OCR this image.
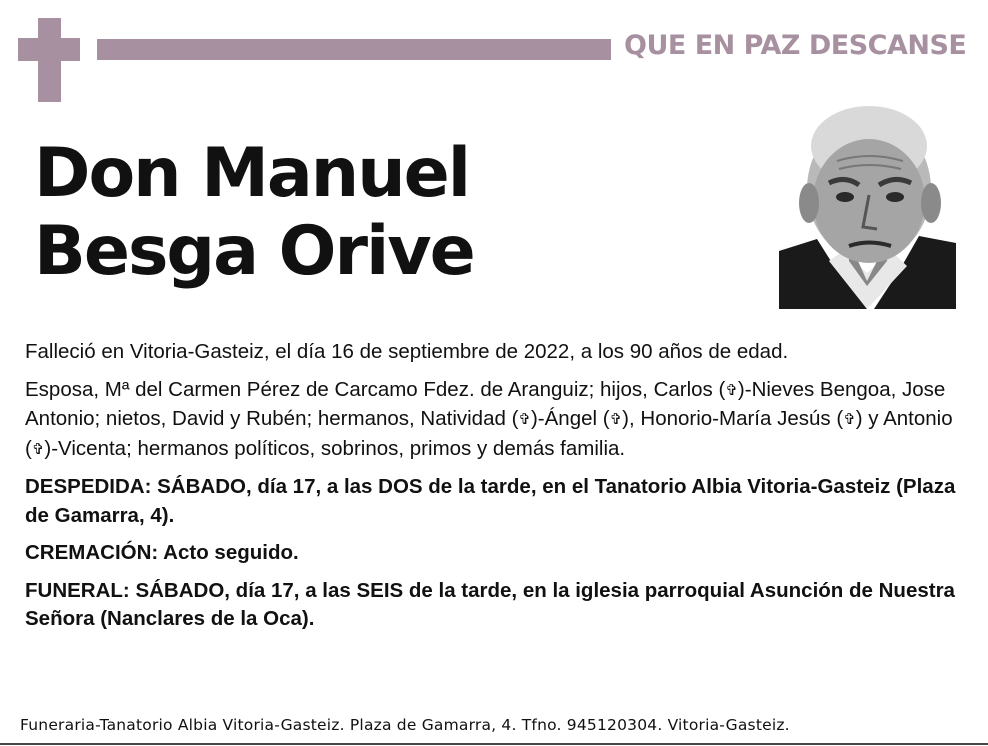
QUE EN PAZ DESCANSE
Don Manuel
Besga Orive

Falleció en Vitoria-Gasteiz, el día 16 de septiembre de 2022, a los 90 años de edad.

Esposa, Mª del Carmen Pérez de Carcamo Fdez. de Aranguiz; hijos, Carlos (✞)-Nieves Bengoa, Jose Antonio; nietos, David y Rubén; hermanos, Natividad (✞)-Ángel (✞), Honorio-María Jesús (✞) y Antonio (✞)-Vicenta; hermanos políticos, sobrinos, primos y demás familia.

DESPEDIDA: SÁBADO, día 17, a las DOS de la tarde, en el Tanatorio Albia Vitoria-Gasteiz (Plaza de Gamarra, 4).

CREMACIÓN: Acto seguido.

FUNERAL: SÁBADO, día 17, a las SEIS de la tarde, en la iglesia parroquial Asunción de Nuestra Señora (Nanclares de la Oca).

Funeraria-Tanatorio Albia Vitoria-Gasteiz. Plaza de Gamarra, 4. Tfno. 945120304. Vitoria-Gasteiz.
